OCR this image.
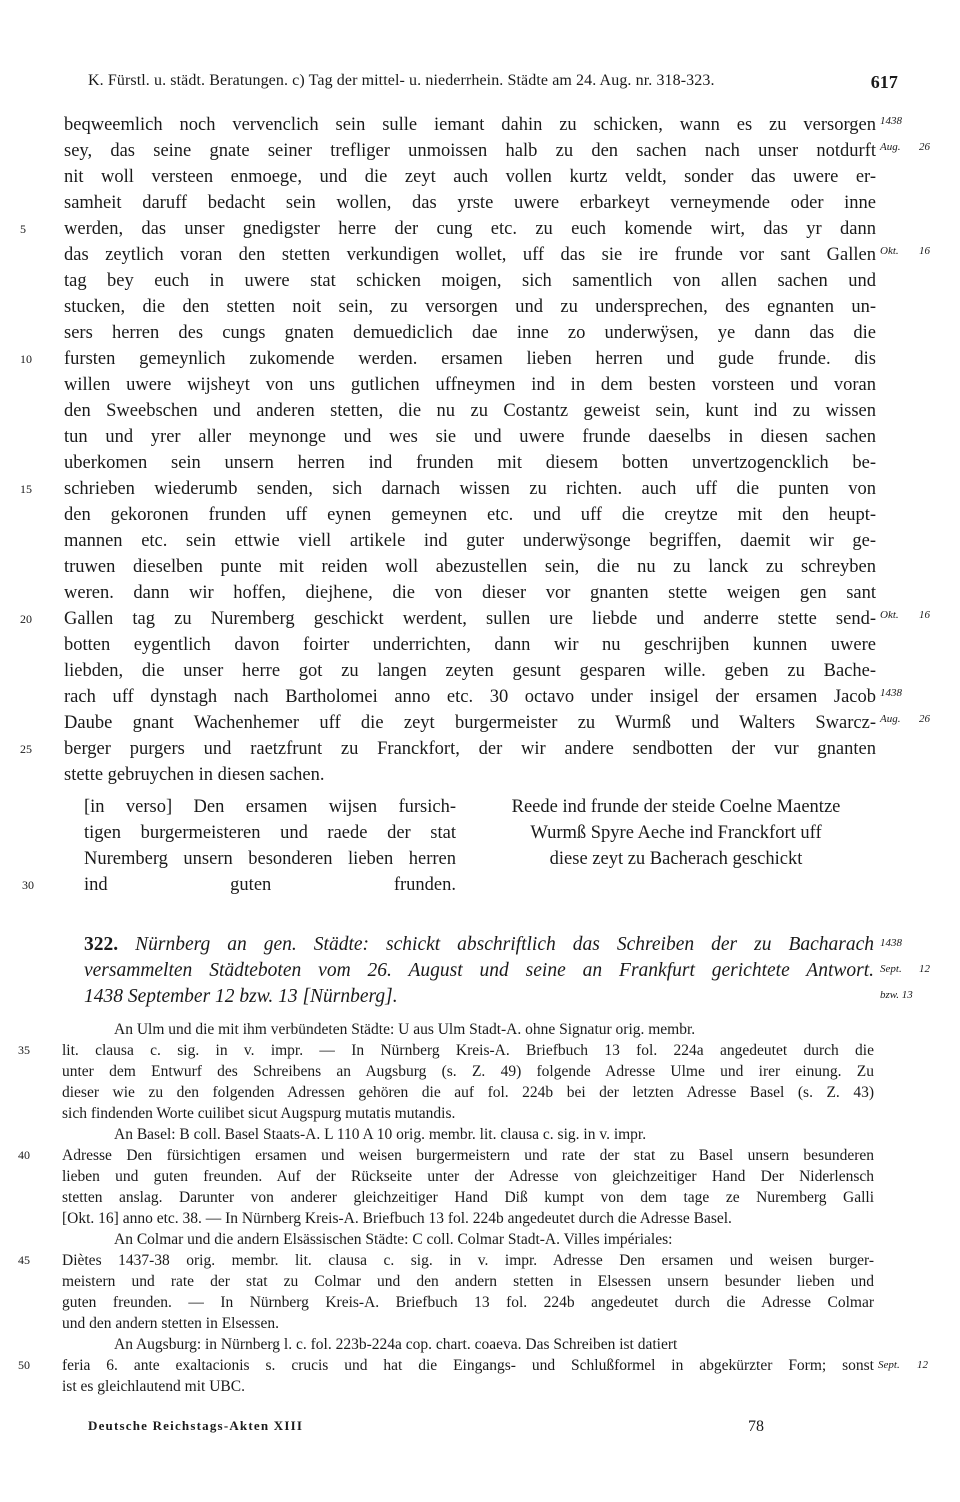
K. Fürstl. u. städt. Beratungen. c) Tag der mittel- u. niederrhein. Städte am 24. Aug. nr. 318-323.	617
beqweemlich noch vervenclich sein sulle iemant dahin zu schicken, wann es zu versorgen 1438
sey, das seine gnate seiner trefliger unmoissen halb zu den sachen nach unser notdurft Aug. 26
nit woll versteen enmoege, und die zeyt auch vollen kurtz veldt, sonder das uwere er-
samheit daruff bedacht sein wollen, das yrste uwere erbarkeyt verneymende oder inne
werden, das unser gnedigster herre der cung etc. zu euch komende wirt, das yr dann
5
das zeytlich voran den stetten verkundigen wollet, uff das sie ire frunde vor sant Gallen Okt. 16
tag bey euch in uwere stat schicken moigen, sich samentlich von allen sachen und
stucken, die den stetten noit sein, zu versorgen und zu undersprechen, des egnanten un-
sers herren des cungs gnaten demuediclich dae inne zo underwÿsen, ye dann das die
fursten gemeynlich zukomende werden. ersamen lieben herren und gude frunde. dis
10
willen uwere wijsheyt von uns gutlichen uffneymen ind in dem besten vorsteen und voran
den Sweebschen und anderen stetten, die nu zu Costantz geweist sein, kunt ind zu wissen
tun und yrer aller meynonge und wes sie und uwere frunde daeselbs in diesen sachen
uberkomen sein unsern herren ind frunden mit diesem botten unvertzogencklich be-
schrieben wiederumb senden, sich darnach wissen zu richten. auch uff die punten von
15
den gekoronen frunden uff eynen gemeynen etc. und uff die creytze mit den heupt-
mannen etc. sein ettwie viell artikele ind guter underwÿsonge begriffen, daemit wir ge-
truwen dieselben punte mit reiden woll abezustellen sein, die nu zu lanck zu schreyben
weren. dann wir hoffen, diejhene, die von dieser vor gnanten stette weigen gen sant
Gallen tag zu Nuremberg geschickt werdent, sullen ure liebde und anderre stette send-
20	Okt. 16
botten eygentlich davon foirter underrichten, dann wir nu geschrijben kunnen uwere
liebden, die unser herre got zu langen zeyten gesunt gesparen wille. geben zu Bache-
rach uff dynstagh nach Bartholomei anno etc. 30 octavo under insigel der ersamen Jacob 1438
Daube gnant Wachenhemer uff die zeyt burgermeister zu Wurmß und Walters Swarcz- Aug. 26
berger purgers und raetzfrunt zu Franckfort, der wir andere sendbotten der vur gnanten
25
stette gebruychen in diesen sachen.
[in verso] Den ersamen wijsen fursich-
tigen burgermeisteren und raede der stat
Nuremberg unsern besonderen lieben herren
ind guten frunden.
30
Reede ind frunde der steide Coelne Maentze
Wurmß Spyre Aeche ind Franckfort uff
diese zeyt zu Bacherach geschickt
322. Nürnberg an gen. Städte: schickt abschriftlich das Schreiben der zu Bacharach 1438
versammelten Städteboten vom 26. August und seine an Frankfurt gerichtete Antwort. Sept. 12
1438 September 12 bzw. 13 [Nürnberg].	bzw. 13
An Ulm und die mit ihm verbündeten Städte: U aus Ulm Stadt-A. ohne Signatur orig. membr.
lit. clausa c. sig. in v. impr. — In Nürnberg Kreis-A. Briefbuch 13 fol. 224a angedeutet durch die
35
unter dem Entwurf des Schreibens an Augsburg (s. Z. 49) folgende Adresse Ulme und irer einung. Zu
dieser wie zu den folgenden Adressen gehören die auf fol. 224b bei der letzten Adresse Basel (s. Z. 43)
sich findenden Worte cuilibet sicut Augspurg mutatis mutandis.
An Basel: B coll. Basel Staats-A. L 110 A 10 orig. membr. lit. clausa c. sig. in v. impr.
Adresse Den fürsichtigen ersamen und weisen burgermeistern und rate der stat zu Basel unsern besunderen
40
lieben und guten freunden. Auf der Rückseite unter der Adresse von gleichzeitiger Hand Der Niderlensch
stetten anslag. Darunter von anderer gleichzeitiger Hand Diß kumpt von dem tage ze Nuremberg Galli
[Okt. 16] anno etc. 38. — In Nürnberg Kreis-A. Briefbuch 13 fol. 224b angedeutet durch die Adresse Basel.
An Colmar und die andern Elsässischen Städte: C coll. Colmar Stadt-A. Villes impériales:
Diètes 1437-38 orig. membr. lit. clausa c. sig. in v. impr. Adresse Den ersamen und weisen burger-
45
meistern und rate der stat zu Colmar und den andern stetten in Elsessen unsern besunder lieben und
guten freunden. — In Nürnberg Kreis-A. Briefbuch 13 fol. 224b angedeutet durch die Adresse Colmar
und den andern stetten in Elsessen.
An Augsburg: in Nürnberg l. c. fol. 223b-224a cop. chart. coaeva. Das Schreiben ist datiert
feria 6. ante exaltacionis s. crucis und hat die Eingangs- und Schlußformel in abgekürzter Form; sonst
50	Sept. 12
ist es gleichlautend mit UBC.
Deutsche Reichstags-Akten XIII	78
